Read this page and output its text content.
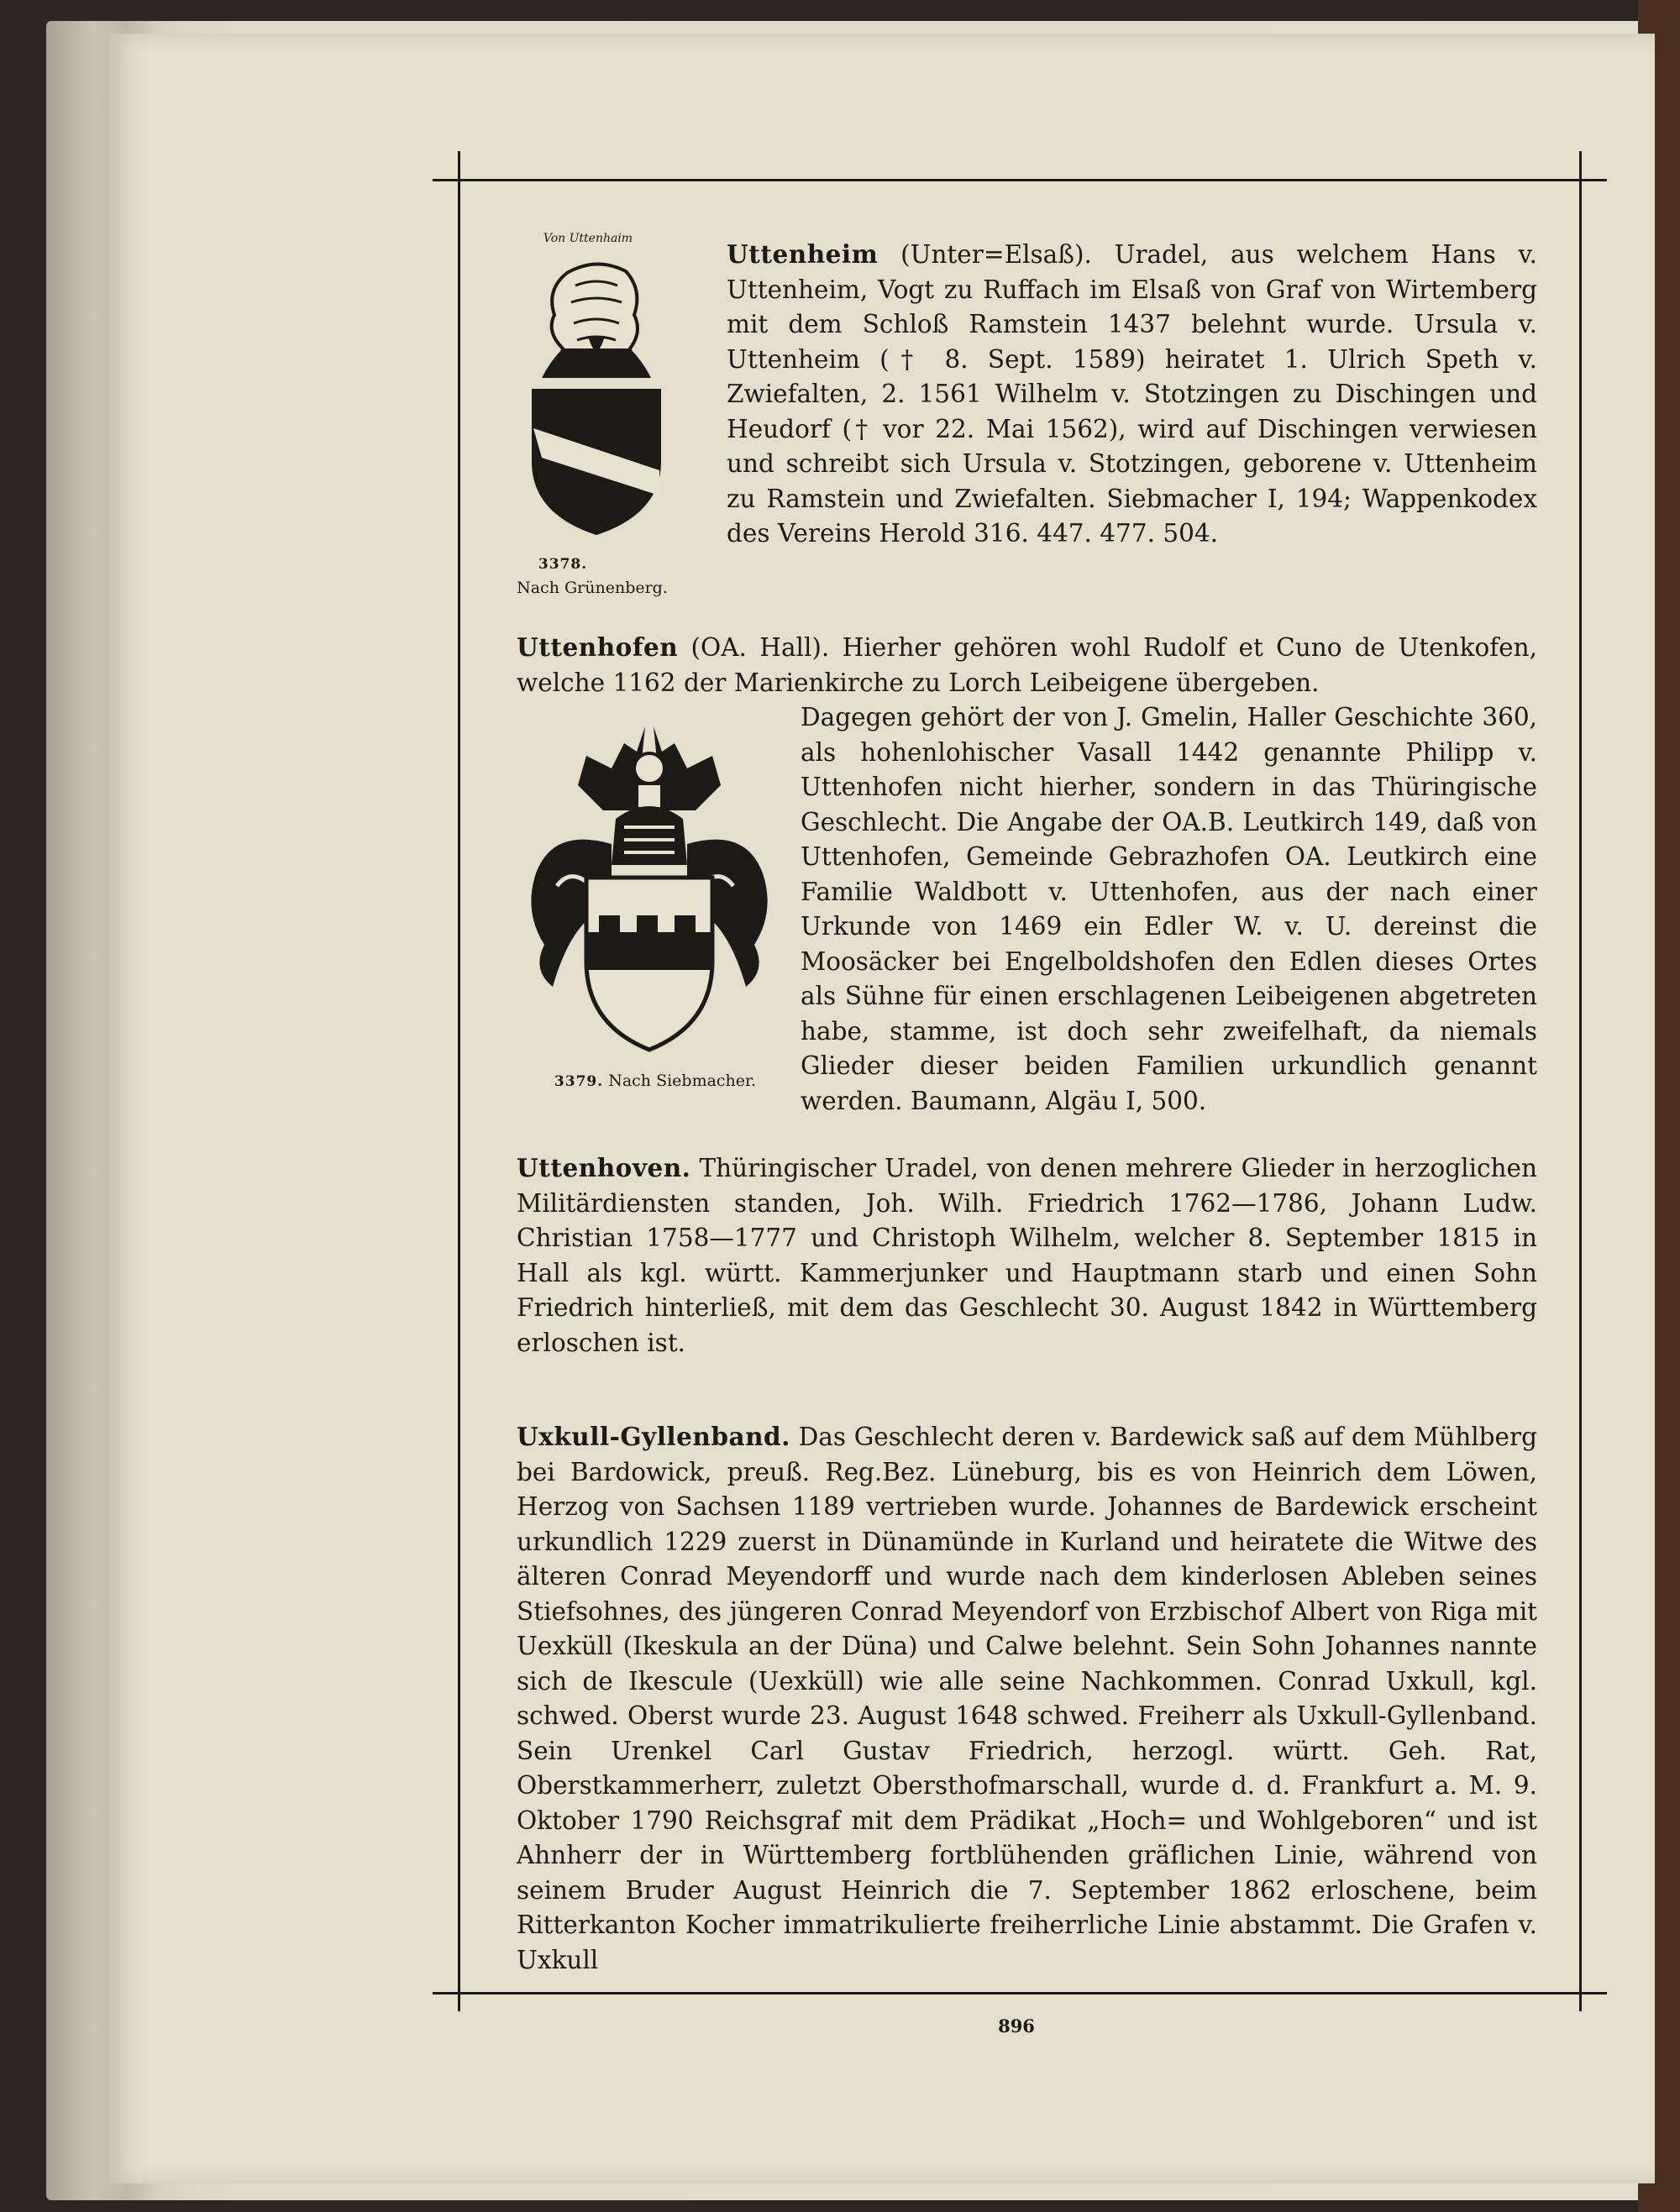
Von Uttenhaim
3378.
Nach Grünenberg.

Uttenheim (Unter=Elsaß). Uradel, aus welchem Hans v. Uttenheim, Vogt zu Ruffach im Elsaß von Graf von Wirtemberg mit dem Schloß Ramstein 1437 belehnt wurde. Ursula v. Uttenheim († 8. Sept. 1589) heiratet 1. Ulrich Speth v. Zwiefalten, 2. 1561 Wilhelm v. Stotzingen zu Dischingen und Heudorf († vor 22. Mai 1562), wird auf Dischingen verwiesen und schreibt sich Ursula v. Stotzingen, geborene v. Uttenheim zu Ramstein und Zwiefalten. Siebmacher I, 194; Wappenkodex des Vereins Herold 316. 447. 477. 504.

Uttenhofen (OA. Hall). Hierher gehören wohl Rudolf et Cuno de Utenkofen, welche 1162 der Marienkirche zu Lorch Leibeigene übergeben.

3379. Nach Siebmacher.

Dagegen gehört der von J. Gmelin, Haller Geschichte 360, als hohenlohischer Vasall 1442 genannte Philipp v. Uttenhofen nicht hierher, sondern in das Thüringische Geschlecht. Die Angabe der OA.B. Leutkirch 149, daß von Uttenhofen, Gemeinde Gebrazhofen OA. Leutkirch eine Familie Waldbott v. Uttenhofen, aus der nach einer Urkunde von 1469 ein Edler W. v. U. dereinst die Moosäcker bei Engelboldshofen den Edlen dieses Ortes als Sühne für einen erschlagenen Leibeigenen abgetreten habe, stamme, ist doch sehr zweifelhaft, da niemals Glieder dieser beiden Familien urkundlich genannt werden. Baumann, Algäu I, 500.

Uttenhoven. Thüringischer Uradel, von denen mehrere Glieder in herzoglichen Militärdiensten standen, Joh. Wilh. Friedrich 1762—1786, Johann Ludw. Christian 1758—1777 und Christoph Wilhelm, welcher 8. September 1815 in Hall als kgl. württ. Kammerjunker und Hauptmann starb und einen Sohn Friedrich hinterließ, mit dem das Geschlecht 30. August 1842 in Württemberg erloschen ist.

Uxkull-Gyllenband. Das Geschlecht deren v. Bardewick saß auf dem Mühlberg bei Bardowick, preuß. Reg.Bez. Lüneburg, bis es von Heinrich dem Löwen, Herzog von Sachsen 1189 vertrieben wurde. Johannes de Bardewick erscheint urkundlich 1229 zuerst in Dünamünde in Kurland und heiratete die Witwe des älteren Conrad Meyendorff und wurde nach dem kinderlosen Ableben seines Stiefsohnes, des jüngeren Conrad Meyendorf von Erzbischof Albert von Riga mit Uexküll (Ikeskula an der Düna) und Calwe belehnt. Sein Sohn Johannes nannte sich de Ikescule (Uexküll) wie alle seine Nachkommen. Conrad Uxkull, kgl. schwed. Oberst wurde 23. August 1648 schwed. Freiherr als Uxkull-Gyllenband. Sein Urenkel Carl Gustav Friedrich, herzogl. württ. Geh. Rat, Oberstkammerherr, zuletzt Obersthofmarschall, wurde d. d. Frankfurt a. M. 9. Oktober 1790 Reichsgraf mit dem Prädikat „Hoch= und Wohlgeboren“ und ist Ahnherr der in Württemberg fortblühenden gräflichen Linie, während von seinem Bruder August Heinrich die 7. September 1862 erloschene, beim Ritterkanton Kocher immatrikulierte freiherrliche Linie abstammt. Die Grafen v. Uxkull

896
